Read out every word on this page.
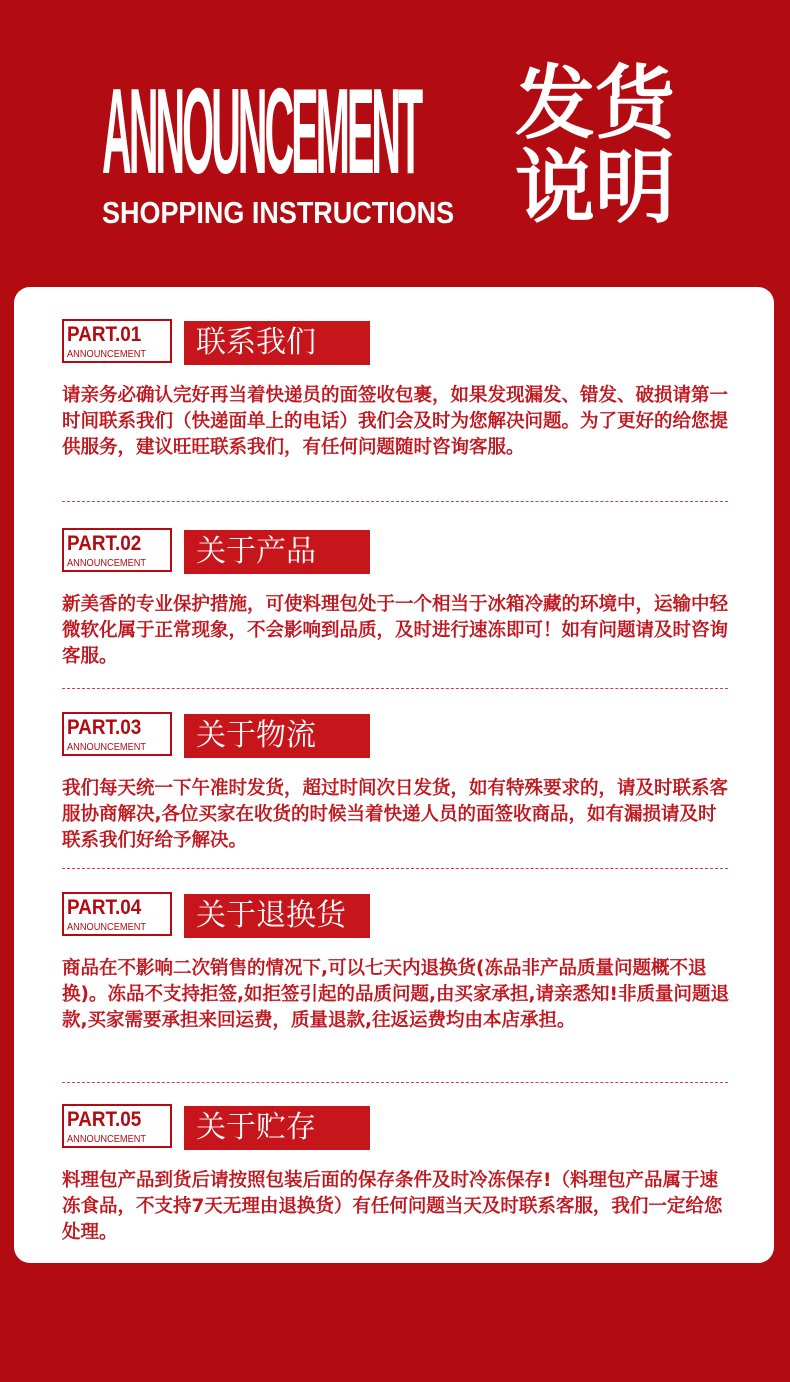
ANNOUNCEMENT
SHOPPING INSTRUCTIONS
发货
说明
PART.01
ANNOUNCEMENT	联系我们
请亲务必确认完好再当着快递员的面签收包裹，如果发现漏发、错发、破损请第一时间联系我们（快递面单上的电话）我们会及时为您解决问题。为了更好的给您提供服务，建议旺旺联系我们，有任何问题随时咨询客服。
PART.02
ANNOUNCEMENT	关于产品
新美香的专业保护措施，可使料理包处于一个相当于冰箱冷藏的环境中，运输中轻微软化属于正常现象，不会影响到品质，及时进行速冻即可！如有问题请及时咨询客服。
PART.03
ANNOUNCEMENT	关于物流
我们每天统一下午准时发货，超过时间次日发货，如有特殊要求的，请及时联系客服协商解决,各位买家在收货的时候当着快递人员的面签收商品，如有漏损请及时联系我们好给予解决。
PART.04
ANNOUNCEMENT	关于退换货
商品在不影响二次销售的情况下,可以七天内退换货(冻品非产品质量问题概不退换)。冻品不支持拒签,如拒签引起的品质问题,由买家承担,请亲悉知!非质量问题退款,买家需要承担来回运费，质量退款,往返运费均由本店承担。
PART.05
ANNOUNCEMENT	关于贮存
料理包产品到货后请按照包装后面的保存条件及时冷冻保存!（料理包产品属于速冻食品，不支持7天无理由退换货）有任何问题当天及时联系客服，我们一定给您处理。
